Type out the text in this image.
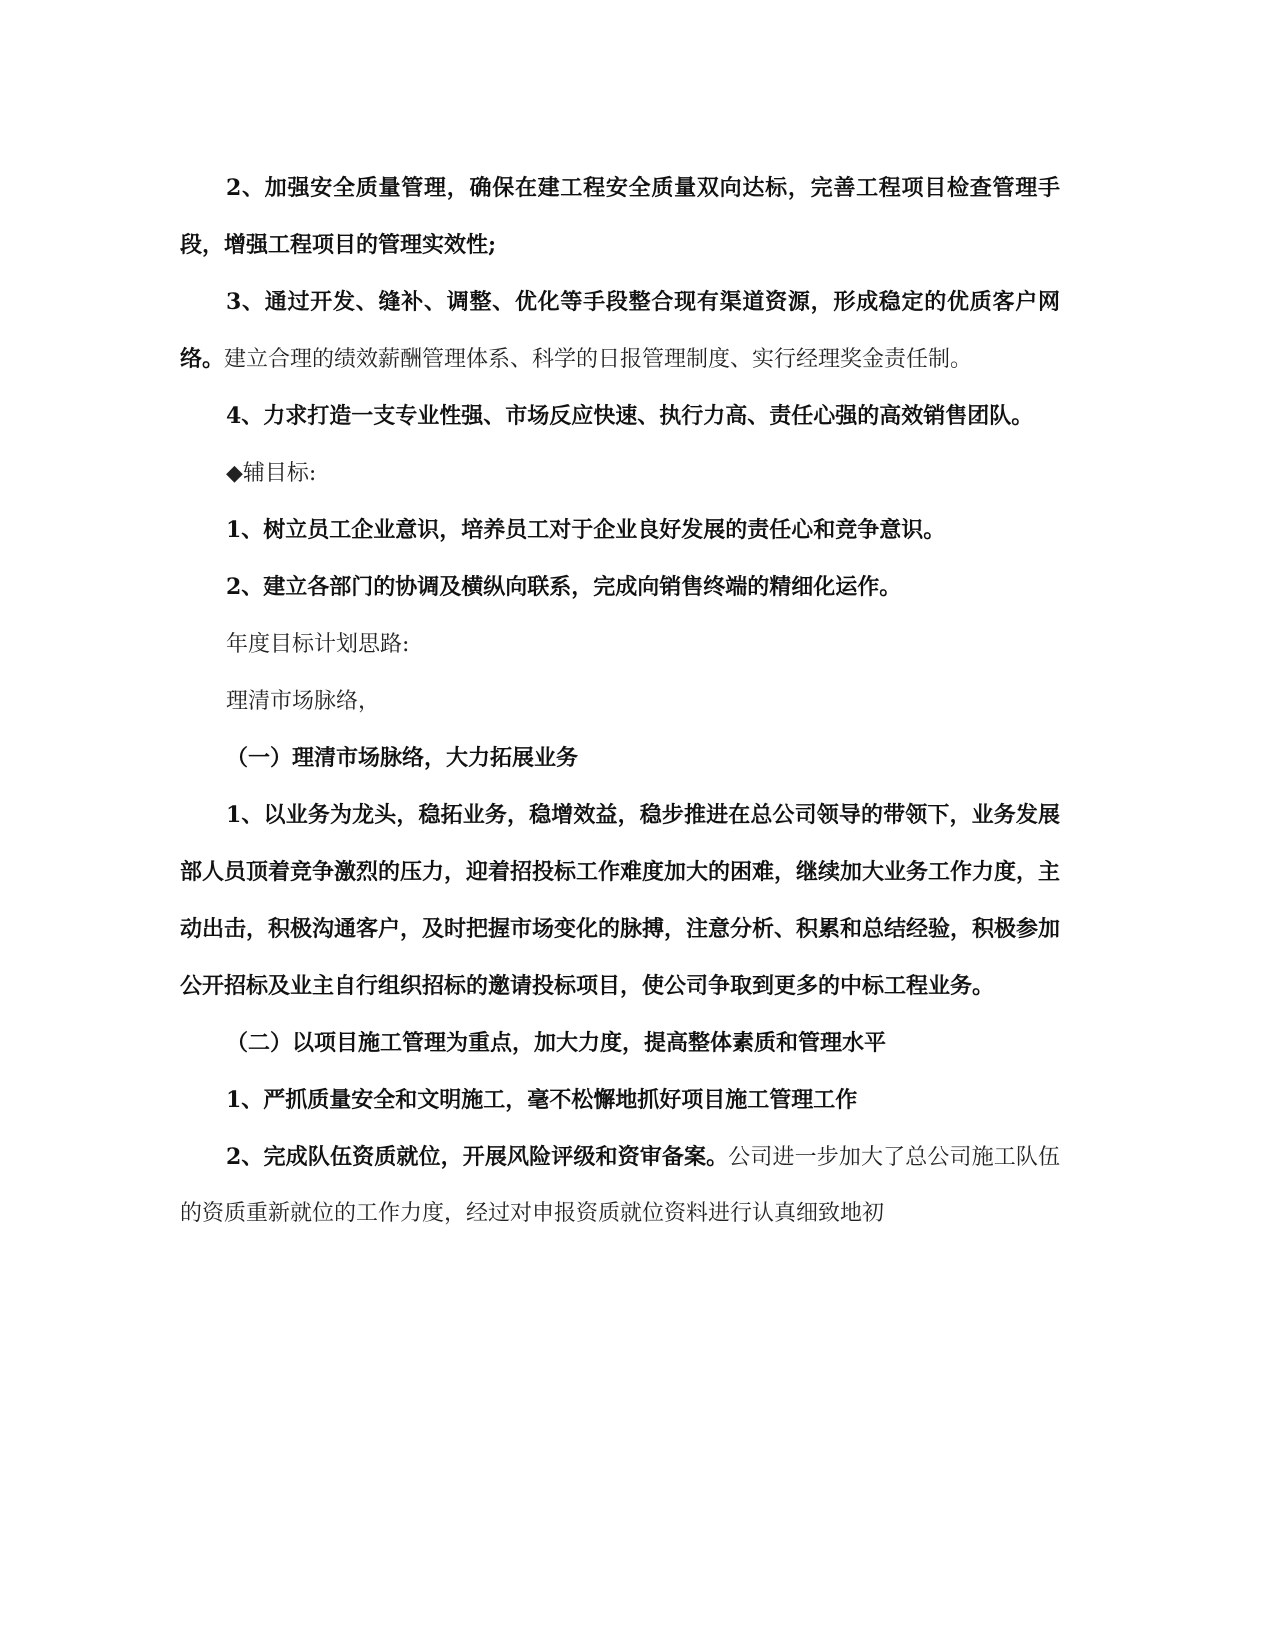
2、加强安全质量管理，确保在建工程安全质量双向达标，完善工程项目检查管理手段，增强工程项目的管理实效性;

3、通过开发、缝补、调整、优化等手段整合现有渠道资源，形成稳定的优质客户网络。建立合理的绩效薪酬管理体系、科学的日报管理制度、实行经理奖金责任制。

4、力求打造一支专业性强、市场反应快速、执行力高、责任心强的高效销售团队。

◆辅目标:

1、树立员工企业意识，培养员工对于企业良好发展的责任心和竞争意识。

2、建立各部门的协调及横纵向联系，完成向销售终端的精细化运作。

年度目标计划思路:

理清市场脉络，

（一）理清市场脉络，大力拓展业务

1、以业务为龙头，稳拓业务，稳增效益，稳步推进在总公司领导的带领下，业务发展部人员顶着竞争激烈的压力，迎着招投标工作难度加大的困难，继续加大业务工作力度，主动出击，积极沟通客户，及时把握市场变化的脉搏，注意分析、积累和总结经验，积极参加公开招标及业主自行组织招标的邀请投标项目，使公司争取到更多的中标工程业务。

（二）以项目施工管理为重点，加大力度，提高整体素质和管理水平

1、严抓质量安全和文明施工，毫不松懈地抓好项目施工管理工作

2、完成队伍资质就位，开展风险评级和资审备案。公司进一步加大了总公司施工队伍的资质重新就位的工作力度，经过对申报资质就位资料进行认真细致地初
